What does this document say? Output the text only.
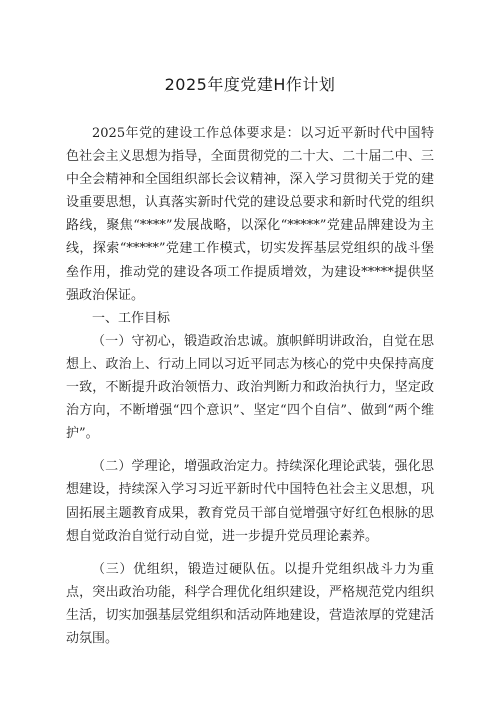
2025年度党建H作计划

2025年党的建设工作总体要求是：以习近平新时代中国特色社会主义思想为指导，全面贯彻党的二十大、二十届二中、三中全会精神和全国组织部长会议精神，深入学习贯彻关于党的建设重要思想，认真落实新时代党的建设总要求和新时代党的组织路线，聚焦“****”发展战略，以深化“*****”党建品牌建设为主线，探索“*****”党建工作模式，切实发挥基层党组织的战斗堡垒作用，推动党的建设各项工作提质增效，为建设*****提供坚强政治保证。

一、工作目标

（一）守初心，锻造政治忠诚。旗帜鲜明讲政治，自觉在思想上、政治上、行动上同以习近平同志为核心的党中央保持高度一致，不断提升政治领悟力、政治判断力和政治执行力，坚定政治方向，不断增强“四个意识”、坚定“四个自信”、做到“两个维护”。

（二）学理论，增强政治定力。持续深化理论武装，强化思想建设，持续深入学习习近平新时代中国特色社会主义思想，巩固拓展主题教育成果，教育党员干部自觉增强守好红色根脉的思想自觉政治自觉行动自觉，进一步提升党员理论素养。

（三）优组织，锻造过硬队伍。以提升党组织战斗力为重点，突出政治功能，科学合理优化组织建设，严格规范党内组织生活，切实加强基层党组织和活动阵地建设，营造浓厚的党建活动氛围。
